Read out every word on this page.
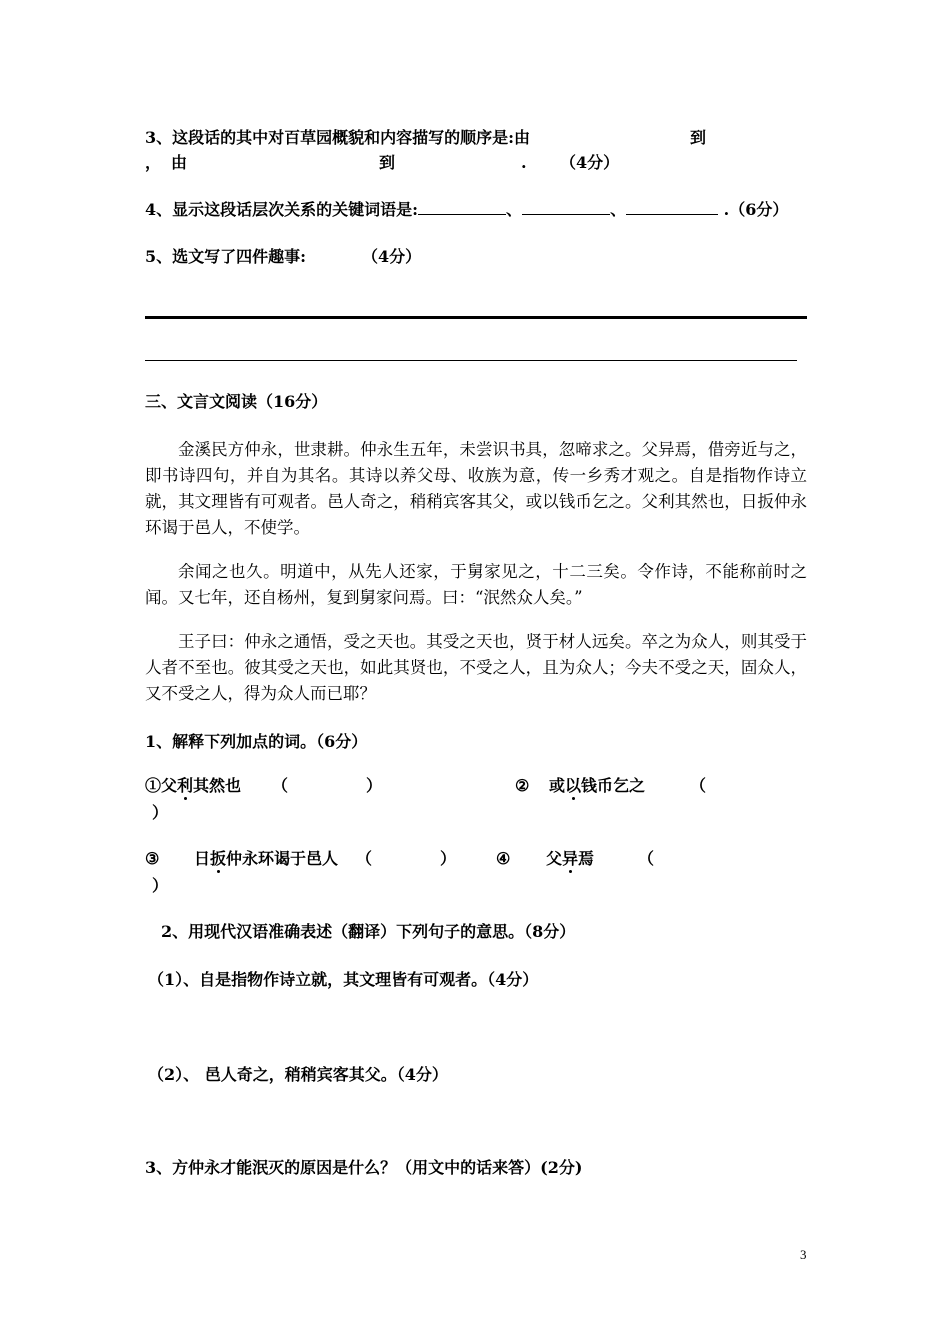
3、这段话的其中对百草园概貌和内容描写的顺序是:由	到
， 由	到	. （4分）
4、显示这段话层次关系的关键词语是:	、	、	.（6分）
5、选文写了四件趣事:	（4分）
三、文言文阅读（16分）
金溪民方仲永，世隶耕。仲永生五年，未尝识书具，忽啼求之。父异焉，借旁近与之，即书诗四句，并自为其名。其诗以养父母、收族为意，传一乡秀才观之。自是指物作诗立就，其文理皆有可观者。邑人奇之，稍稍宾客其父，或以钱币乞之。父利其然也，日扳仲永环谒于邑人，不使学。
余闻之也久。明道中，从先人还家，于舅家见之，十二三矣。令作诗，不能称前时之闻。又七年，还自杨州，复到舅家问焉。曰：“泯然众人矣。”
王子曰：仲永之通悟，受之天也。其受之天也，贤于材人远矣。卒之为众人，则其受于人者不至也。彼其受之天也，如此其贤也，不受之人，且为众人；今夫不受之天，固众人，又不受之人，得为众人而已耶？
1、解释下列加点的词。（6分）
①父利其然也 （	）	② 或以钱币乞之	（
）
③ 日扳仲永环谒于邑人 （	） ④ 父异焉	（
）
2、用现代汉语准确表述（翻译）下列句子的意思。（8分）
（1）、自是指物作诗立就，其文理皆有可观者。（4分）
（2）、 邑人奇之，稍稍宾客其父。（4分）
3、方仲永才能泯灭的原因是什么？（用文中的话来答）(2分)
3
